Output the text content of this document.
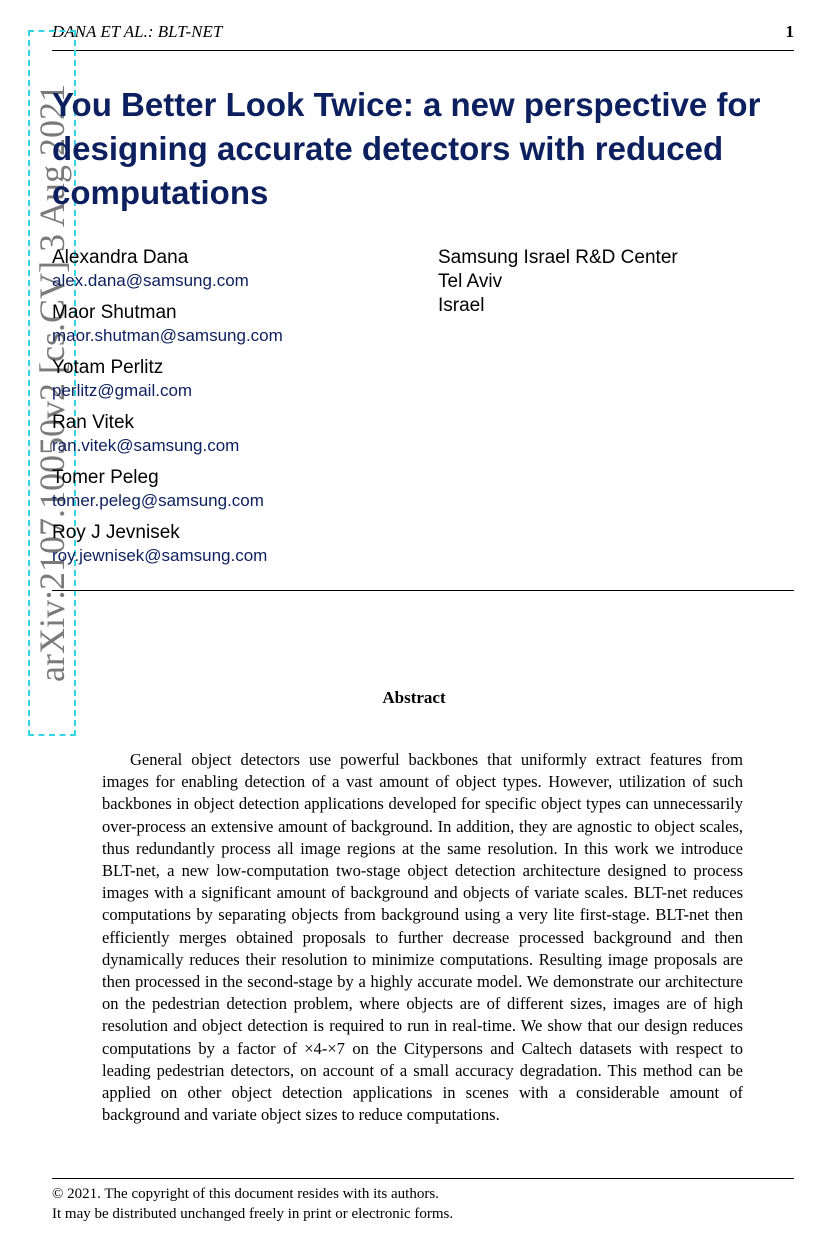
DANA ET AL.: BLT-NET	1
arXiv:2107.10050v2 [cs.CV] 3 Aug 2021
You Better Look Twice: a new perspective for designing accurate detectors with reduced computations
Alexandra Dana
alex.dana@samsung.com
Maor Shutman
maor.shutman@samsung.com
Yotam Perlitz
perlitz@gmail.com
Ran Vitek
ran.vitek@samsung.com
Tomer Peleg
tomer.peleg@samsung.com
Roy J Jevnisek
roy.jewnisek@samsung.com
Samsung Israel R&D Center
Tel Aviv
Israel
Abstract

General object detectors use powerful backbones that uniformly extract features from images for enabling detection of a vast amount of object types. However, utilization of such backbones in object detection applications developed for specific object types can unnecessarily over-process an extensive amount of background. In addition, they are agnostic to object scales, thus redundantly process all image regions at the same resolution. In this work we introduce BLT-net, a new low-computation two-stage object detection architecture designed to process images with a significant amount of background and objects of variate scales. BLT-net reduces computations by separating objects from background using a very lite first-stage. BLT-net then efficiently merges obtained proposals to further decrease processed background and then dynamically reduces their resolution to minimize computations. Resulting image proposals are then processed in the second-stage by a highly accurate model. We demonstrate our architecture on the pedestrian detection problem, where objects are of different sizes, images are of high resolution and object detection is required to run in real-time. We show that our design reduces computations by a factor of ×4-×7 on the Citypersons and Caltech datasets with respect to leading pedestrian detectors, on account of a small accuracy degradation. This method can be applied on other object detection applications in scenes with a considerable amount of background and variate object sizes to reduce computations.

© 2021. The copyright of this document resides with its authors.
It may be distributed unchanged freely in print or electronic forms.
